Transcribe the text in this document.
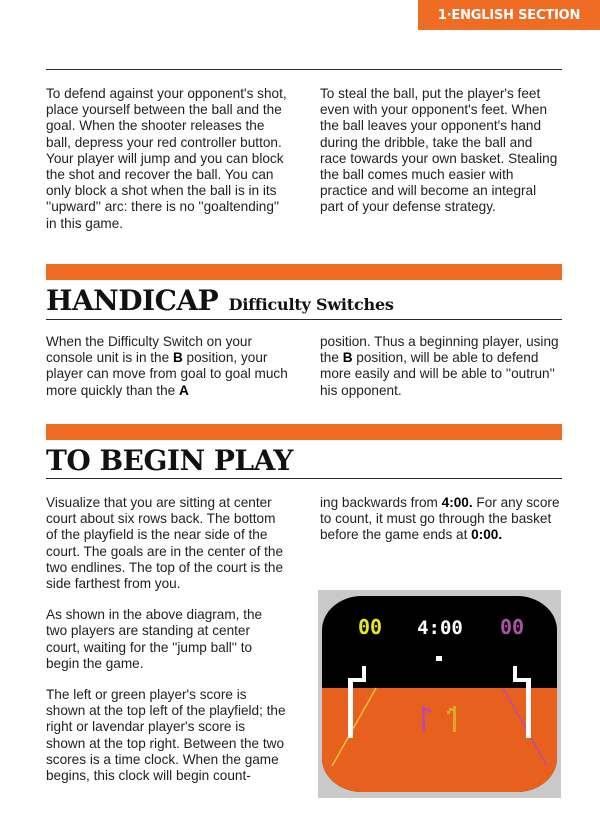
1·ENGLISH SECTION

To defend against your opponent's shot, place yourself between the ball and the goal. When the shooter releases the ball, depress your red controller button. Your player will jump and you can block the shot and recover the ball. You can only block a shot when the ball is in its ''upward'' arc: there is no ''goaltending'' in this game.

To steal the ball, put the player's feet even with your opponent's feet. When the ball leaves your opponent's hand during the dribble, take the ball and race towards your own basket. Stealing the ball comes much easier with practice and will become an integral part of your defense strategy.

HANDICAP Difficulty Switches

When the Difficulty Switch on your console unit is in the B position, your player can move from goal to goal much more quickly than the A

position. Thus a beginning player, using the B position, will be able to defend more easily and will be able to ''outrun'' his opponent.

TO BEGIN PLAY

Visualize that you are sitting at center court about six rows back. The bottom of the playfield is the near side of the court. The goals are in the center of the two endlines. The top of the court is the side farthest from you.

As shown in the above diagram, the two players are standing at center court, waiting for the ''jump ball'' to begin the game.

The left or green player's score is shown at the top left of the playfield; the right or lavendar player's score is shown at the top right. Between the two scores is a time clock. When the game begins, this clock will begin count-

ing backwards from 4:00. For any score to count, it must go through the basket before the game ends at 0:00.

00 4:00 00
